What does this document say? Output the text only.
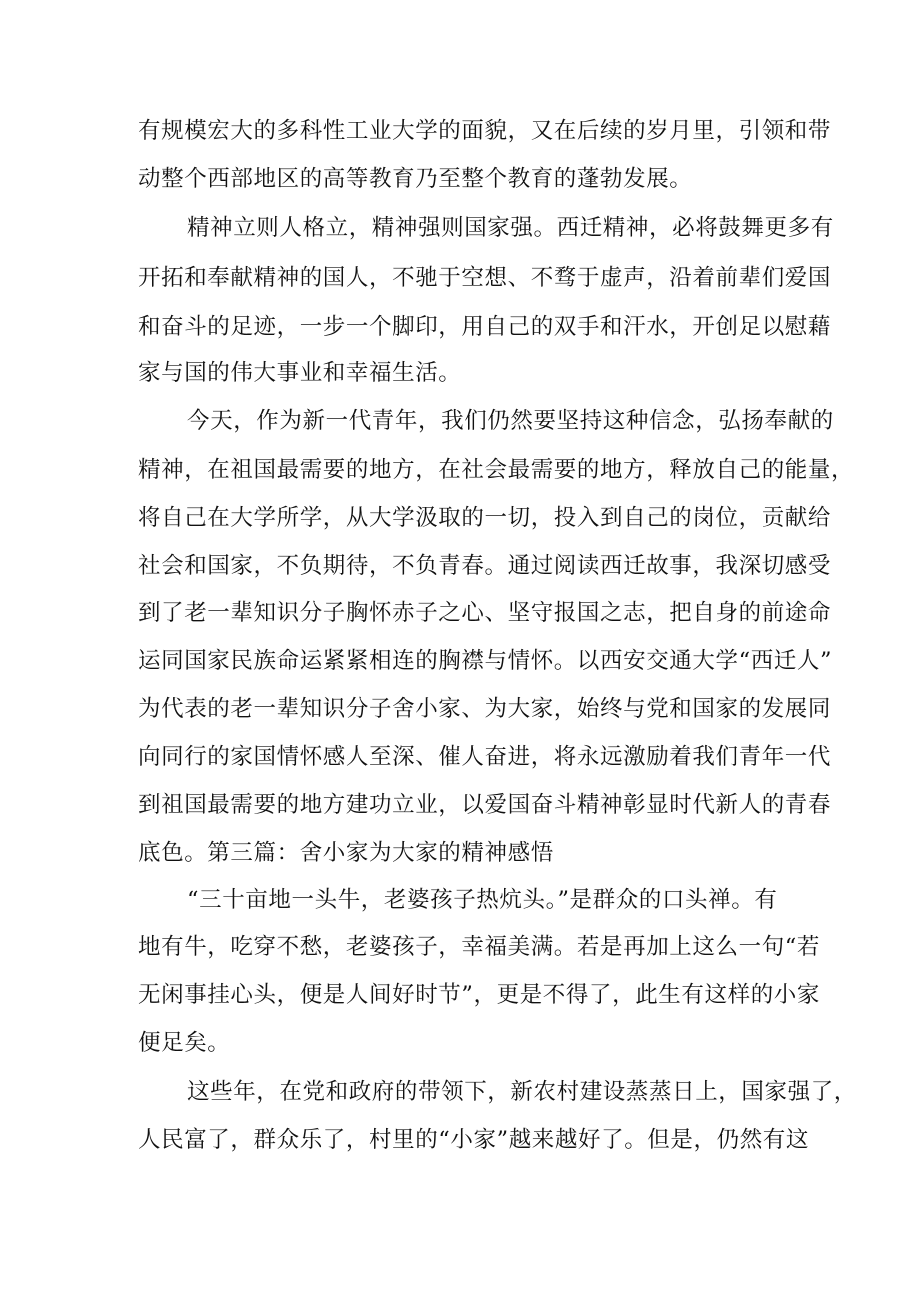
有规模宏大的多科性工业大学的面貌，又在后续的岁月里，引领和带
动整个西部地区的高等教育乃至整个教育的蓬勃发展。
精神立则人格立，精神强则国家强。西迁精神，必将鼓舞更多有
开拓和奉献精神的国人，不驰于空想、不骛于虚声，沿着前辈们爱国
和奋斗的足迹，一步一个脚印，用自己的双手和汗水，开创足以慰藉
家与国的伟大事业和幸福生活。
今天，作为新一代青年，我们仍然要坚持这种信念，弘扬奉献的
精神，在祖国最需要的地方，在社会最需要的地方，释放自己的能量，
将自己在大学所学，从大学汲取的一切，投入到自己的岗位，贡献给
社会和国家，不负期待，不负青春。通过阅读西迁故事，我深切感受
到了老一辈知识分子胸怀赤子之心、坚守报国之志，把自身的前途命
运同国家民族命运紧紧相连的胸襟与情怀。以西安交通大学“西迁人”
为代表的老一辈知识分子舍小家、为大家，始终与党和国家的发展同
向同行的家国情怀感人至深、催人奋进，将永远激励着我们青年一代
到祖国最需要的地方建功立业，以爱国奋斗精神彰显时代新人的青春
底色。第三篇：舍小家为大家的精神感悟
“三十亩地一头牛，老婆孩子热炕头。”是群众的口头禅。有
地有牛，吃穿不愁，老婆孩子，幸福美满。若是再加上这么一句“若
无闲事挂心头，便是人间好时节”，更是不得了，此生有这样的小家
便足矣。
这些年，在党和政府的带领下，新农村建设蒸蒸日上，国家强了，
人民富了，群众乐了，村里的“小家”越来越好了。但是，仍然有这
